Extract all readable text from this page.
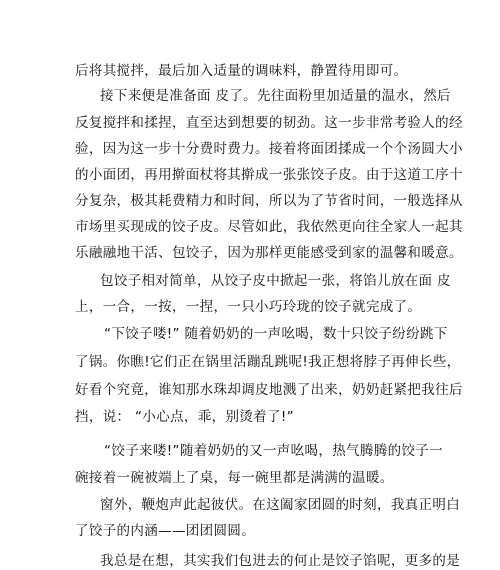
后将其搅拌，最后加入适量的调味料，静置待用即可。
接下来便是准备面 皮了。先往面粉里加适量的温水，然后
反复搅拌和揉捏，直至达到想要的韧劲。这一步非常考验人的经
验，因为这一步十分费时费力。接着将面团揉成一个个汤圆大小
的小面团，再用擀面杖将其擀成一张张饺子皮。由于这道工序十
分复杂，极其耗费精力和时间，所以为了节省时间，一般选择从
市场里买现成的饺子皮。尽管如此，我依然更向往全家人一起其
乐融融地干活、包饺子，因为那样更能感受到家的温馨和暖意。
包饺子相对简单，从饺子皮中掀起一张，将馅儿放在面 皮
上，一合，一按，一捏，一只小巧玲珑的饺子就完成了。
“下饺子喽!” 随着奶奶的一声吆喝，数十只饺子纷纷跳下
了锅。你瞧!它们正在锅里活蹦乱跳呢!我正想将脖子再伸长些，
好看个究竟，谁知那水珠却调皮地溅了出来，奶奶赶紧把我往后
挡，说： “小心点，乖，别烫着了!”
“饺子来喽!”随着奶奶的又一声吆喝，热气腾腾的饺子一
碗接着一碗被端上了桌，每一碗里都是满满的温暖。
窗外，鞭炮声此起彼伏。在这阖家团圆的时刻，我真正明白
了饺子的内涵——团团圆圆。
我总是在想，其实我们包进去的何止是饺子馅呢，更多的是
